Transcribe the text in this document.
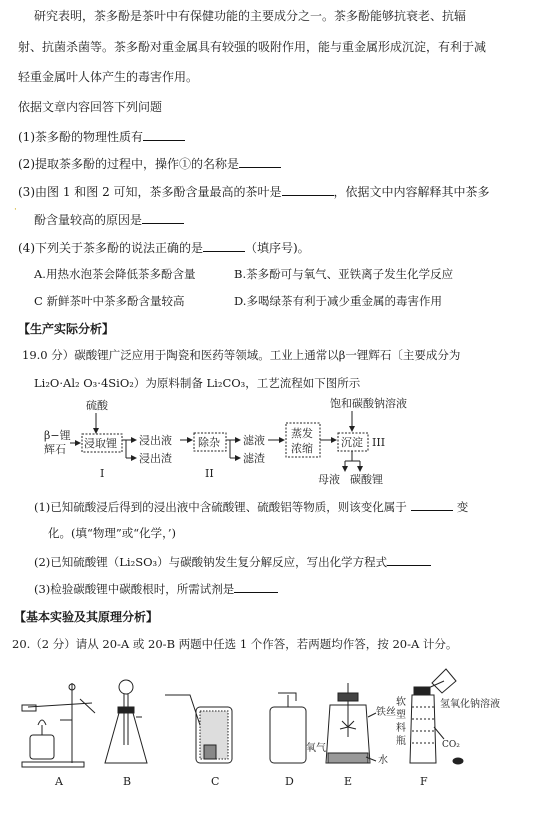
研究表明，茶多酚是茶叶中有保健功能的主要成分之一。茶多酚能够抗衰老、抗辐
射、抗菌杀菌等。茶多酚对重金属具有较强的吸附作用，能与重金属形成沉淀，有利于减
轻重金属叶人体产生的毒害作用。
依据文章内容回答下列问题
(1)茶多酚的物理性质有
(2)提取茶多酚的过程中，操作①的名称是
(3)由图 1 和图 2 可知，茶多酚含量最高的茶叶是	，依据文中内容解释其中茶多
·
酚含量较高的原因是
(4)下列关于茶多酚的说法正确的是	（填序号)。
A.用热水泡茶会降低茶多酚含量	B.茶多酚可与氧气、亚铁离子发生化学反应
C 新鲜茶叶中茶多酚含量较高	D.多喝绿茶有利于减少重金属的毒害作用
【生产实际分析】
19.0 分）碳酸锂广泛应用于陶瓷和医药等领域。工业上通常以β一锂辉石〔主要成分为
Li₂O·Al₂ O₃·4SiO₂）为原料制备 Li₂CO₃，工艺流程如下图所示
硫酸
β−锂
辉石 浸取锂 浸出液
浸出渣
除杂 滤液
滤渣
蒸发
浓缩
饱和碳酸钠溶液
沉淀 III
母液 碳酸锂
I	II
(1)已知硫酸浸后得到的浸出液中含硫酸锂、硫酸铝等物质，则该变化属于	变
化。(填“物理”或“化学，’)
(2)已知硫酸锂（Li₂SO₃）与碳酸钠发生复分解反应，写出化学方程式
(3)检验碳酸锂中碳酸根时，所需试剂是
【基本实验及其原理分析】
20.（2 分）请从 20-A 或 20-B 两题中任选 1 个作答，若两题均作答，按 20-A 计分。
氧气
铁丝
水
软
塑
料
瓶
氢氧化钠溶液
CO₂
A	B	C	D	E	F
